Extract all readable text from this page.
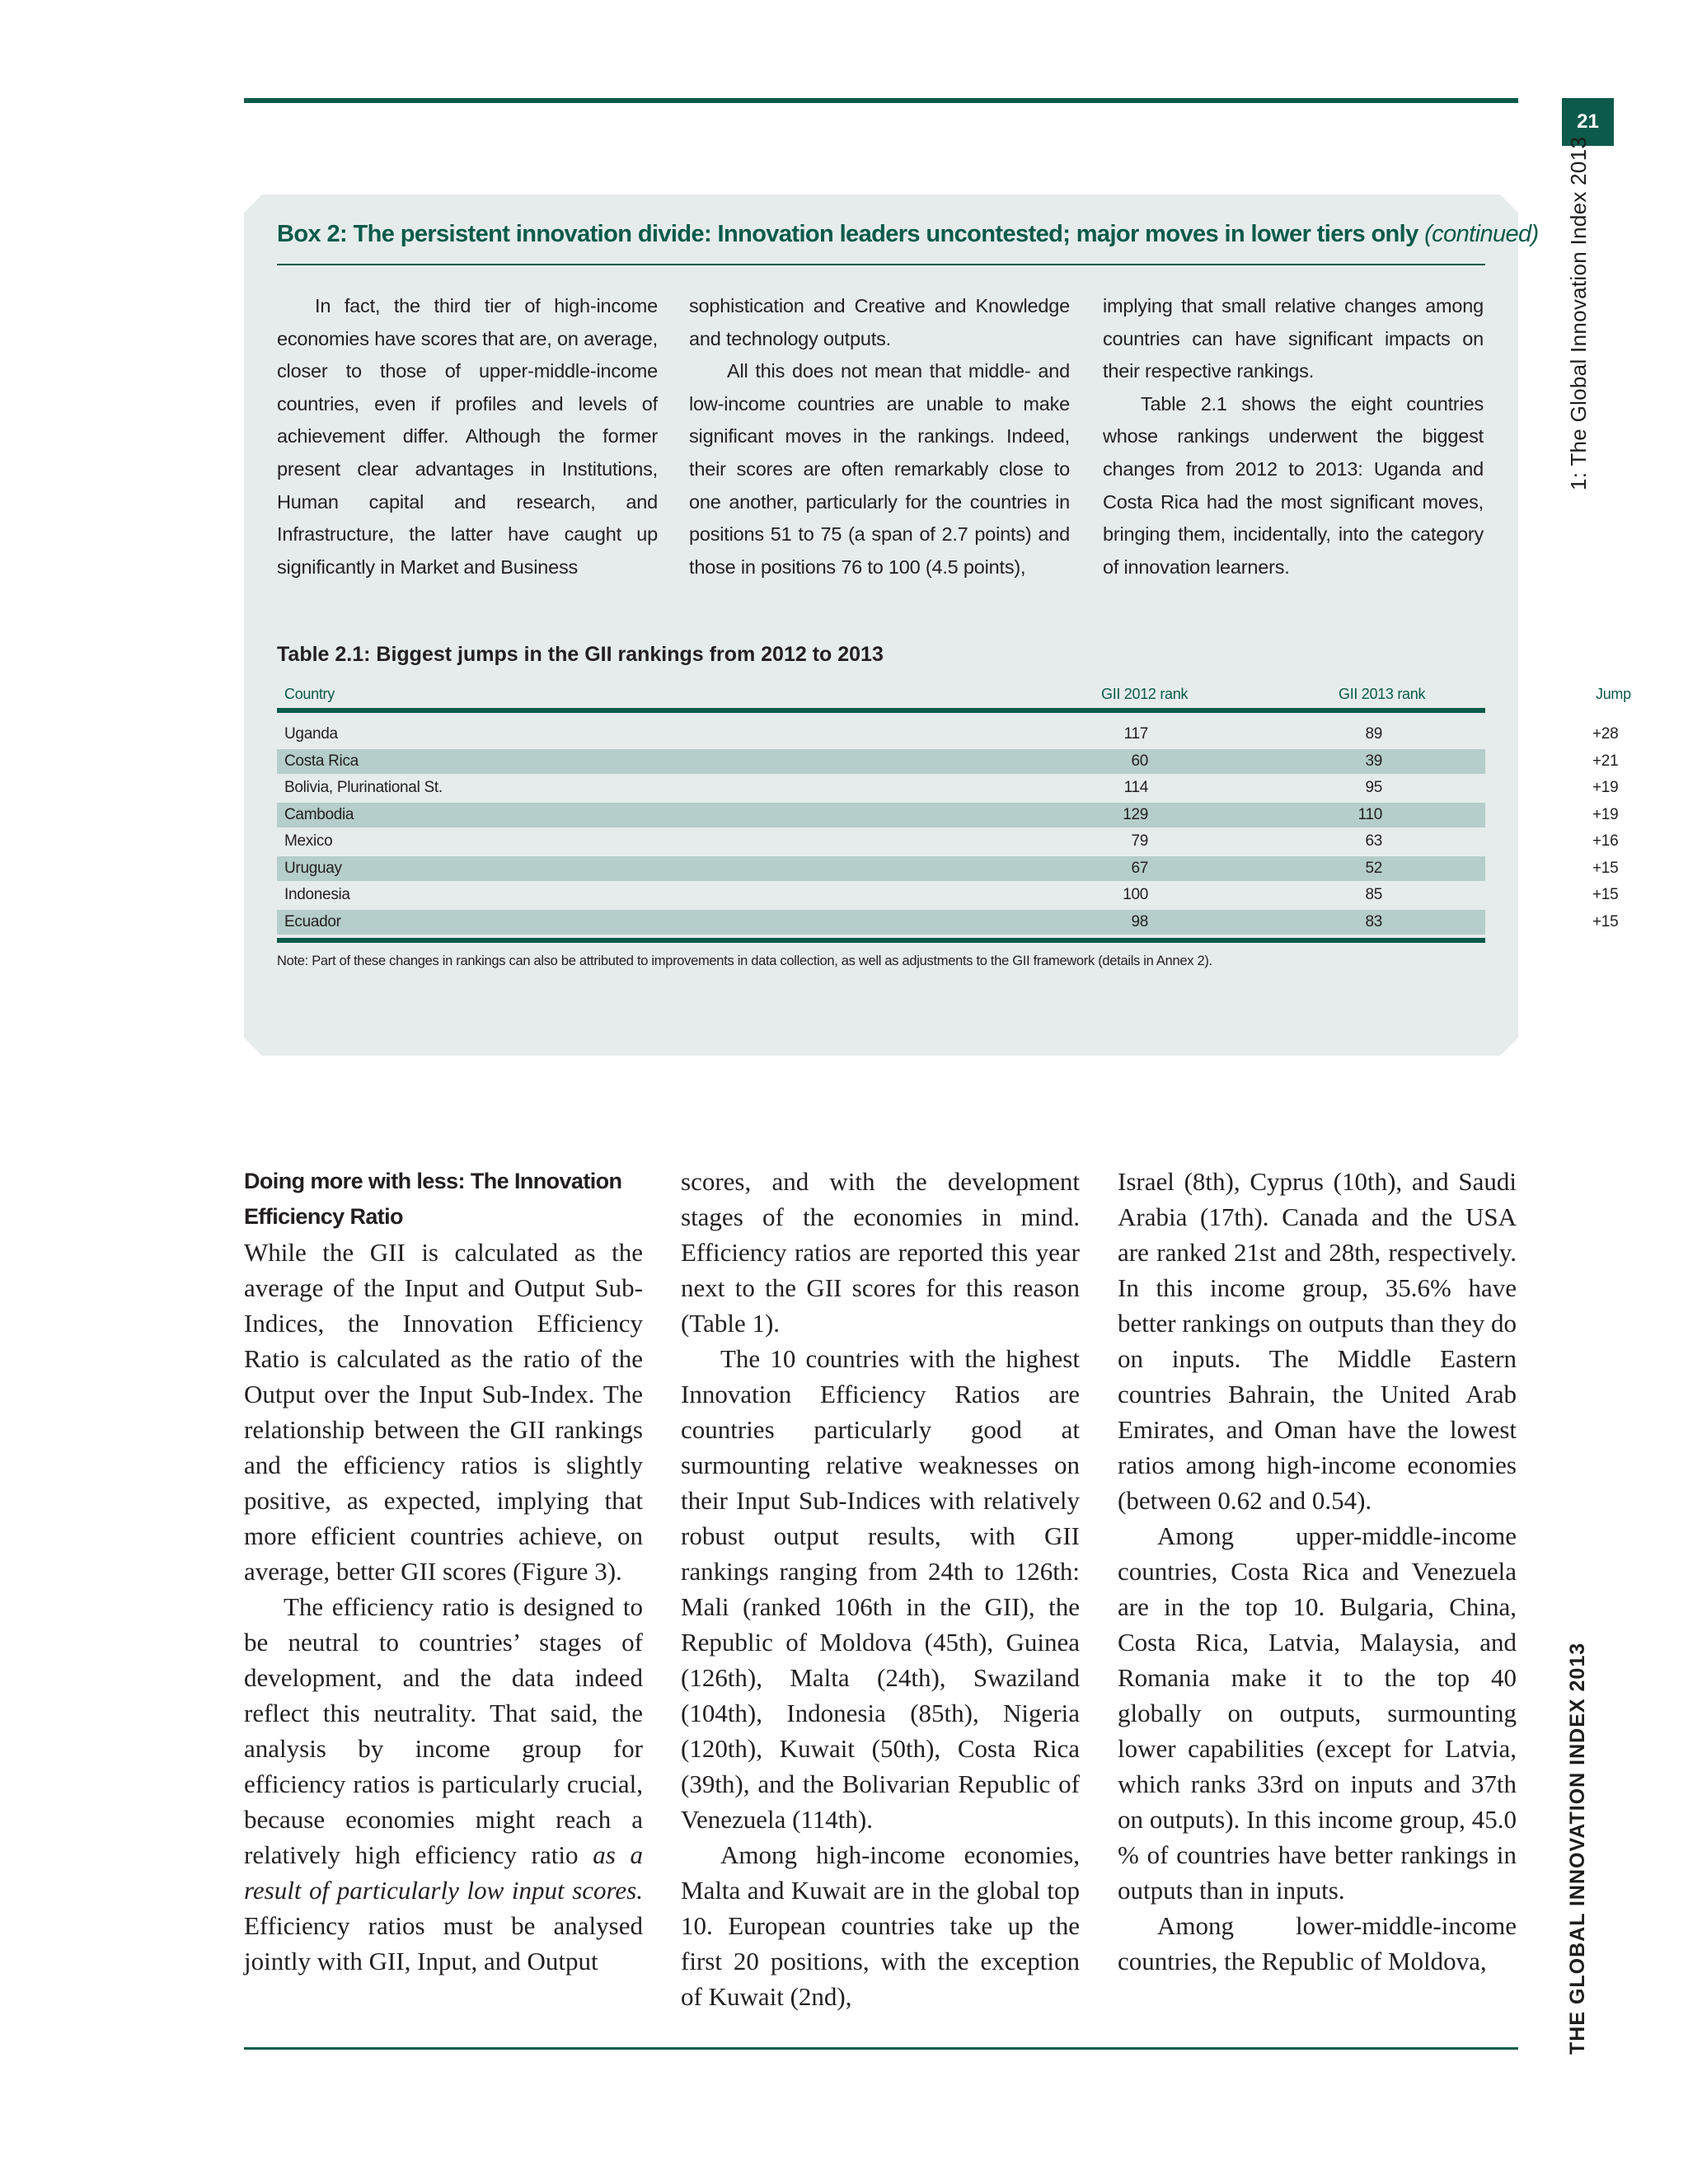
21
1: The Global Innovation Index 2013
THE GLOBAL INNOVATION INDEX 2013
Box 2: The persistent innovation divide: Innovation leaders uncontested; major moves in lower tiers only (continued)

In fact, the third tier of high-income economies have scores that are, on average, closer to those of upper-middle-income countries, even if profiles and levels of achievement differ. Although the former present clear advantages in Institutions, Human capital and research, and Infrastructure, the latter have caught up significantly in Market and Business

sophistication and Creative and Knowledge and technology outputs.

All this does not mean that middle- and low-income countries are unable to make significant moves in the rankings. Indeed, their scores are often remarkably close to one another, particularly for the countries in positions 51 to 75 (a span of 2.7 points) and those in positions 76 to 100 (4.5 points),

implying that small relative changes among countries can have significant impacts on their respective rankings.

Table 2.1 shows the eight countries whose rankings underwent the biggest changes from 2012 to 2013: Uganda and Costa Rica had the most significant moves, bringing them, incidentally, into the category of innovation learners.

Table 2.1: Biggest jumps in the GII rankings from 2012 to 2013
Country	GII 2012 rank	GII 2013 rank	Jump
Uganda	117	89	+28
Costa Rica	60	39	+21
Bolivia, Plurinational St.	114	95	+19
Cambodia	129	110	+19
Mexico	79	63	+16
Uruguay	67	52	+15
Indonesia	100	85	+15
Ecuador	98	83	+15
Note: Part of these changes in rankings can also be attributed to improvements in data collection, as well as adjustments to the GII framework (details in Annex 2).
Doing more with less: The Innovation Efficiency Ratio

While the GII is calculated as the average of the Input and Output Sub-Indices, the Innovation Efficiency Ratio is calculated as the ratio of the Output over the Input Sub-Index. The relationship between the GII rankings and the efficiency ratios is slightly positive, as expected, implying that more efficient countries achieve, on average, better GII scores (Figure 3).

The efficiency ratio is designed to be neutral to countries’ stages of development, and the data indeed reflect this neutrality. That said, the analysis by income group for efficiency ratios is particularly crucial, because economies might reach a relatively high efficiency ratio as a result of particularly low input scores. Efficiency ratios must be analysed jointly with GII, Input, and Output

scores, and with the development stages of the economies in mind. Efficiency ratios are reported this year next to the GII scores for this reason (Table 1).

The 10 countries with the highest Innovation Efficiency Ratios are countries particularly good at surmounting relative weaknesses on their Input Sub-Indices with relatively robust output results, with GII rankings ranging from 24th to 126th: Mali (ranked 106th in the GII), the Republic of Moldova (45th), Guinea (126th), Malta (24th), Swaziland (104th), Indonesia (85th), Nigeria (120th), Kuwait (50th), Costa Rica (39th), and the Bolivarian Republic of Venezuela (114th).

Among high-income economies, Malta and Kuwait are in the global top 10. European countries take up the first 20 positions, with the exception of Kuwait (2nd),

Israel (8th), Cyprus (10th), and Saudi Arabia (17th). Canada and the USA are ranked 21st and 28th, respectively. In this income group, 35.6% have better rankings on outputs than they do on inputs. The Middle Eastern countries Bahrain, the United Arab Emirates, and Oman have the lowest ratios among high-income economies (between 0.62 and 0.54).

Among upper-middle-income countries, Costa Rica and Venezuela are in the top 10. Bulgaria, China, Costa Rica, Latvia, Malaysia, and Romania make it to the top 40 globally on outputs, surmounting lower capabilities (except for Latvia, which ranks 33rd on inputs and 37th on outputs). In this income group, 45.0 % of countries have better rankings in outputs than in inputs.

Among lower-middle-income countries, the Republic of Moldova,
